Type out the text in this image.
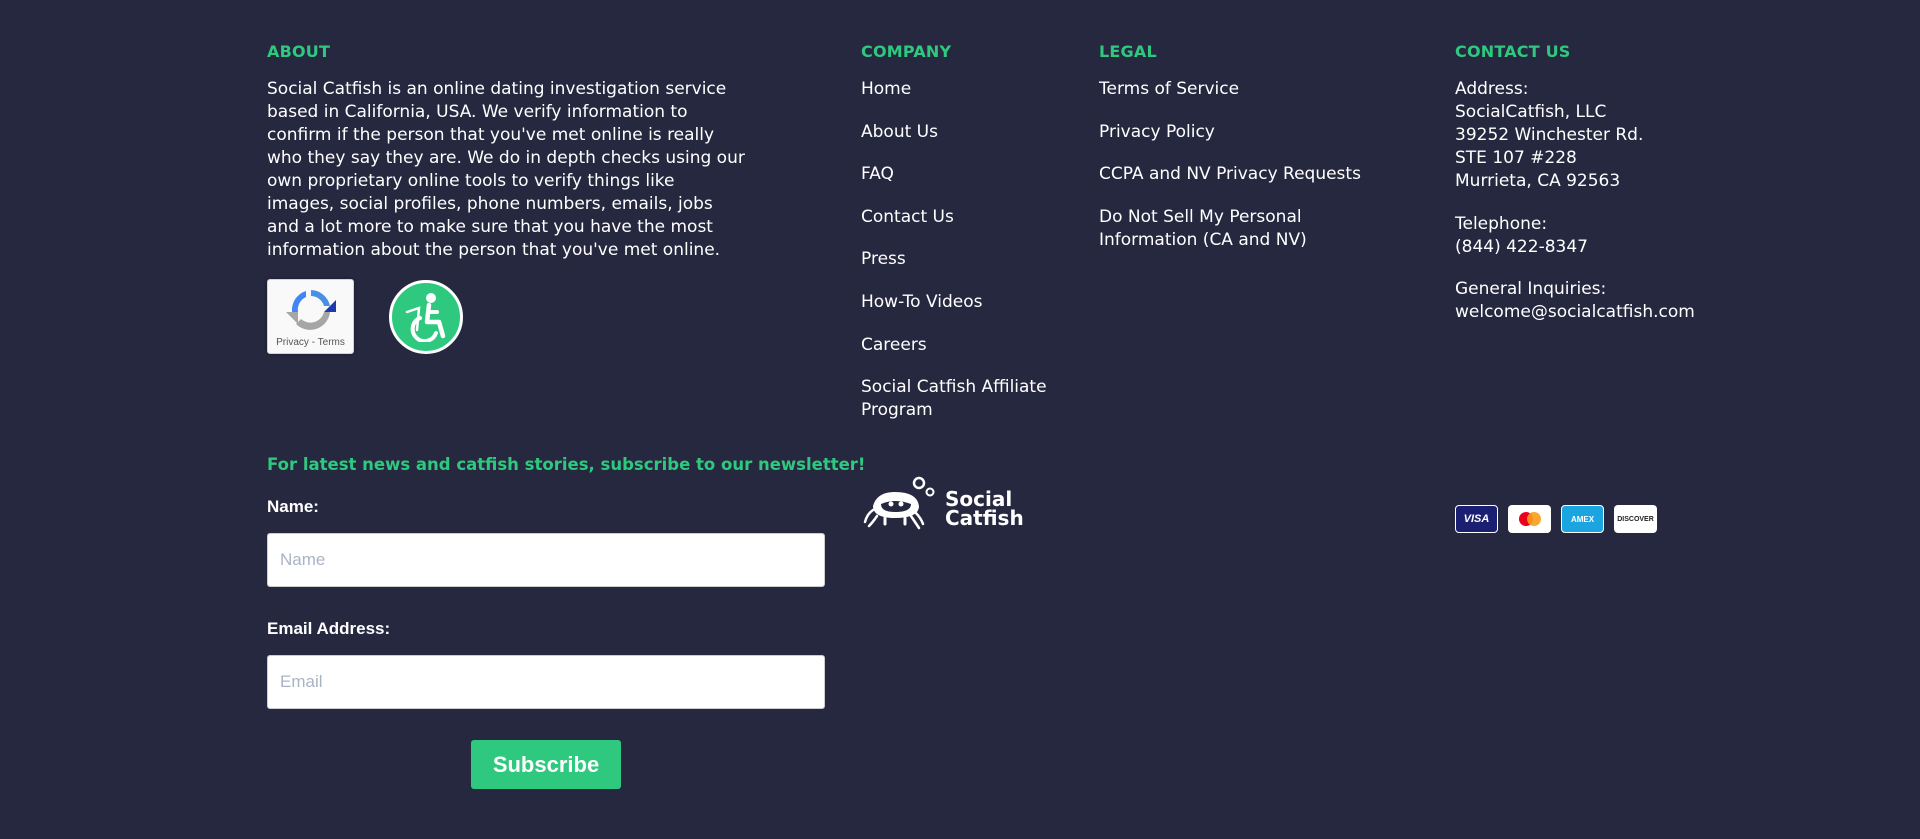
ABOUT

Social Catfish is an online dating investigation service based in California, USA. We verify information to confirm if the person that you've met online is really who they say they are. We do in depth checks using our own proprietary online tools to verify things like images, social profiles, phone numbers, emails, jobs and a lot more to make sure that you have the most information about the person that you've met online.

Privacy - Terms
COMPANY
Home
About Us
FAQ
Contact Us
Press
How-To Videos
Careers
Social Catfish Affiliate Program
LEGAL
Terms of Service
Privacy Policy
CCPA and NV Privacy Requests
Do Not Sell My Personal Information (CA and NV)
CONTACT US
Address:
SocialCatfish, LLC
39252 Winchester Rd.
STE 107 #228
Murrieta, CA 92563
Telephone:
(844) 422-8347
General Inquiries:
welcome@socialcatfish.com
For latest news and catfish stories, subscribe to our newsletter!
Name:
Name
Email Address:
Email
Subscribe
Social
Catfish	VISA	AMEX	DISCOVER
